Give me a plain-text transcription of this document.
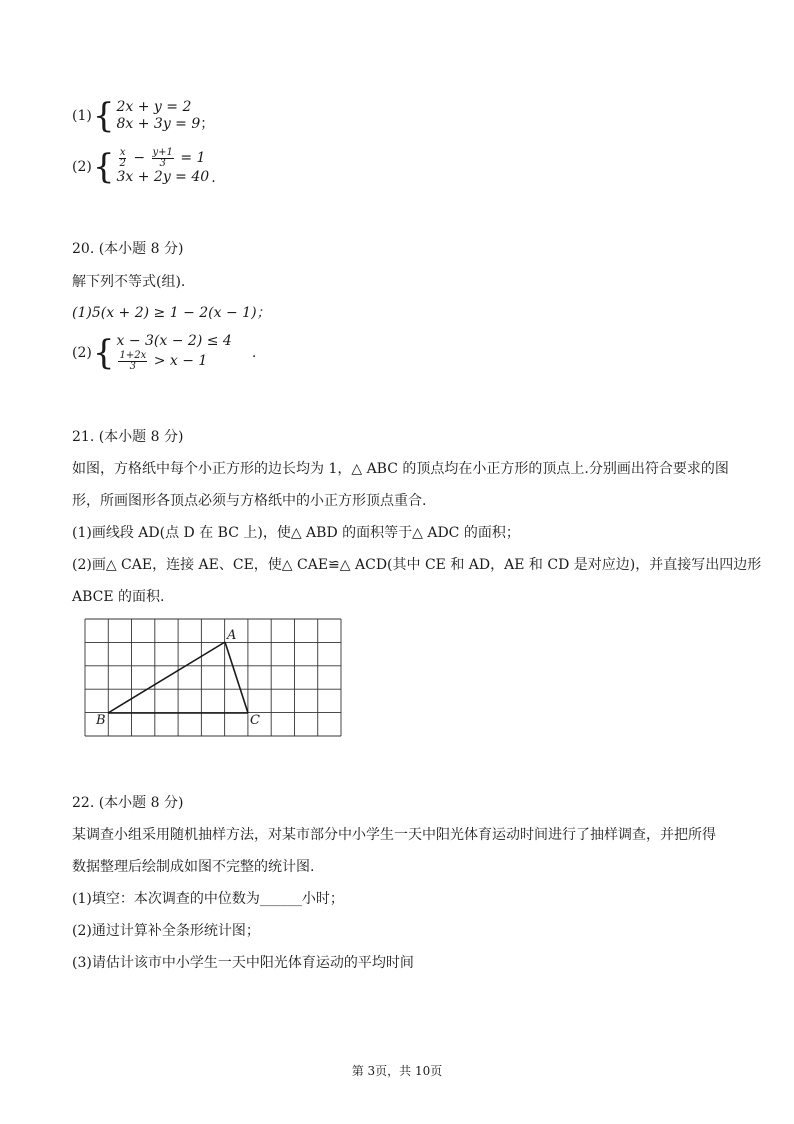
(1) { 2x + y = 2
8x + 3y = 9；
(2) { $\frac{x}{2} - \frac{y+1}{3} = 1$
3x + 2y = 40 .
20. (本小题 8 分)
解下列不等式(组).
(1)5(x + 2) ≥ 1 − 2(x − 1)；
(2) { x − 3(x − 2) ≤ 4
$\frac{1+2x}{3} > x - 1$
.
21. (本小题 8 分)
如图，方格纸中每个小正方形的边长均为 1，△ ABC 的顶点均在小正方形的顶点上.分别画出符合要求的图
形，所画图形各顶点必须与方格纸中的小正方形顶点重合.
(1)画线段 AD(点 D 在 BC 上)，使△ ABD 的面积等于△ ADC 的面积；
(2)画△ CAE，连接 AE、CE，使△ CAE≌△ ACD(其中 CE 和 AD，AE 和 CD 是对应边)，并直接写出四边形
ABCE 的面积.
A
B	C
22. (本小题 8 分)
某调查小组采用随机抽样方法，对某市部分中小学生一天中阳光体育运动时间进行了抽样调查，并把所得
数据整理后绘制成如图不完整的统计图.
(1)填空：本次调查的中位数为______小时；
(2)通过计算补全条形统计图；
(3)请估计该市中小学生一天中阳光体育运动的平均时间
第 3页，共 10页
